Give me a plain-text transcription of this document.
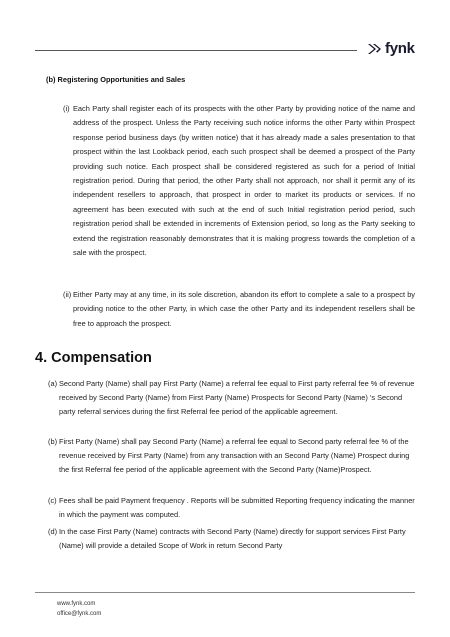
fynk
(b) Registering Opportunities and Sales
(i) Each Party shall register each of its prospects with the other Party by providing notice of the name and address of the prospect. Unless the Party receiving such notice informs the other Party within Prospect response period business days (by written notice) that it has already made a sales presentation to that prospect within the last Lookback period, each such prospect shall be deemed a prospect of the Party providing such notice. Each prospect shall be considered registered as such for a period of Initial registration period. During that period, the other Party shall not approach, nor shall it permit any of its independent resellers to approach, that prospect in order to market its products or services. If no agreement has been executed with such at the end of such Initial registration period period, such registration period shall be extended in increments of Extension period, so long as the Party seeking to extend the registration reasonably demonstrates that it is making progress towards the completion of a sale with the prospect.
(ii) Either Party may at any time, in its sole discretion, abandon its effort to complete a sale to a prospect by providing notice to the other Party, in which case the other Party and its independent resellers shall be free to approach the prospect.
4. Compensation
(a) Second Party (Name) shall pay First Party (Name) a referral fee equal to First party referral fee % of revenue received by Second Party (Name) from First Party (Name) Prospects for Second Party (Name) 's Second party referral services during the first Referral fee period of the applicable agreement.
(b) First Party (Name) shall pay Second Party (Name) a referral fee equal to Second party referral fee % of the revenue received by First Party (Name) from any transaction with an Second Party (Name) Prospect during the first Referral fee period of the applicable agreement with the Second Party (Name)Prospect.
(c) Fees shall be paid Payment frequency . Reports will be submitted Reporting frequency indicating the manner in which the payment was computed.
(d) In the case First Party (Name) contracts with Second Party (Name) directly for support services First Party (Name) will provide a detailed Scope of Work in return Second Party
www.fynk.com
office@fynk.com
